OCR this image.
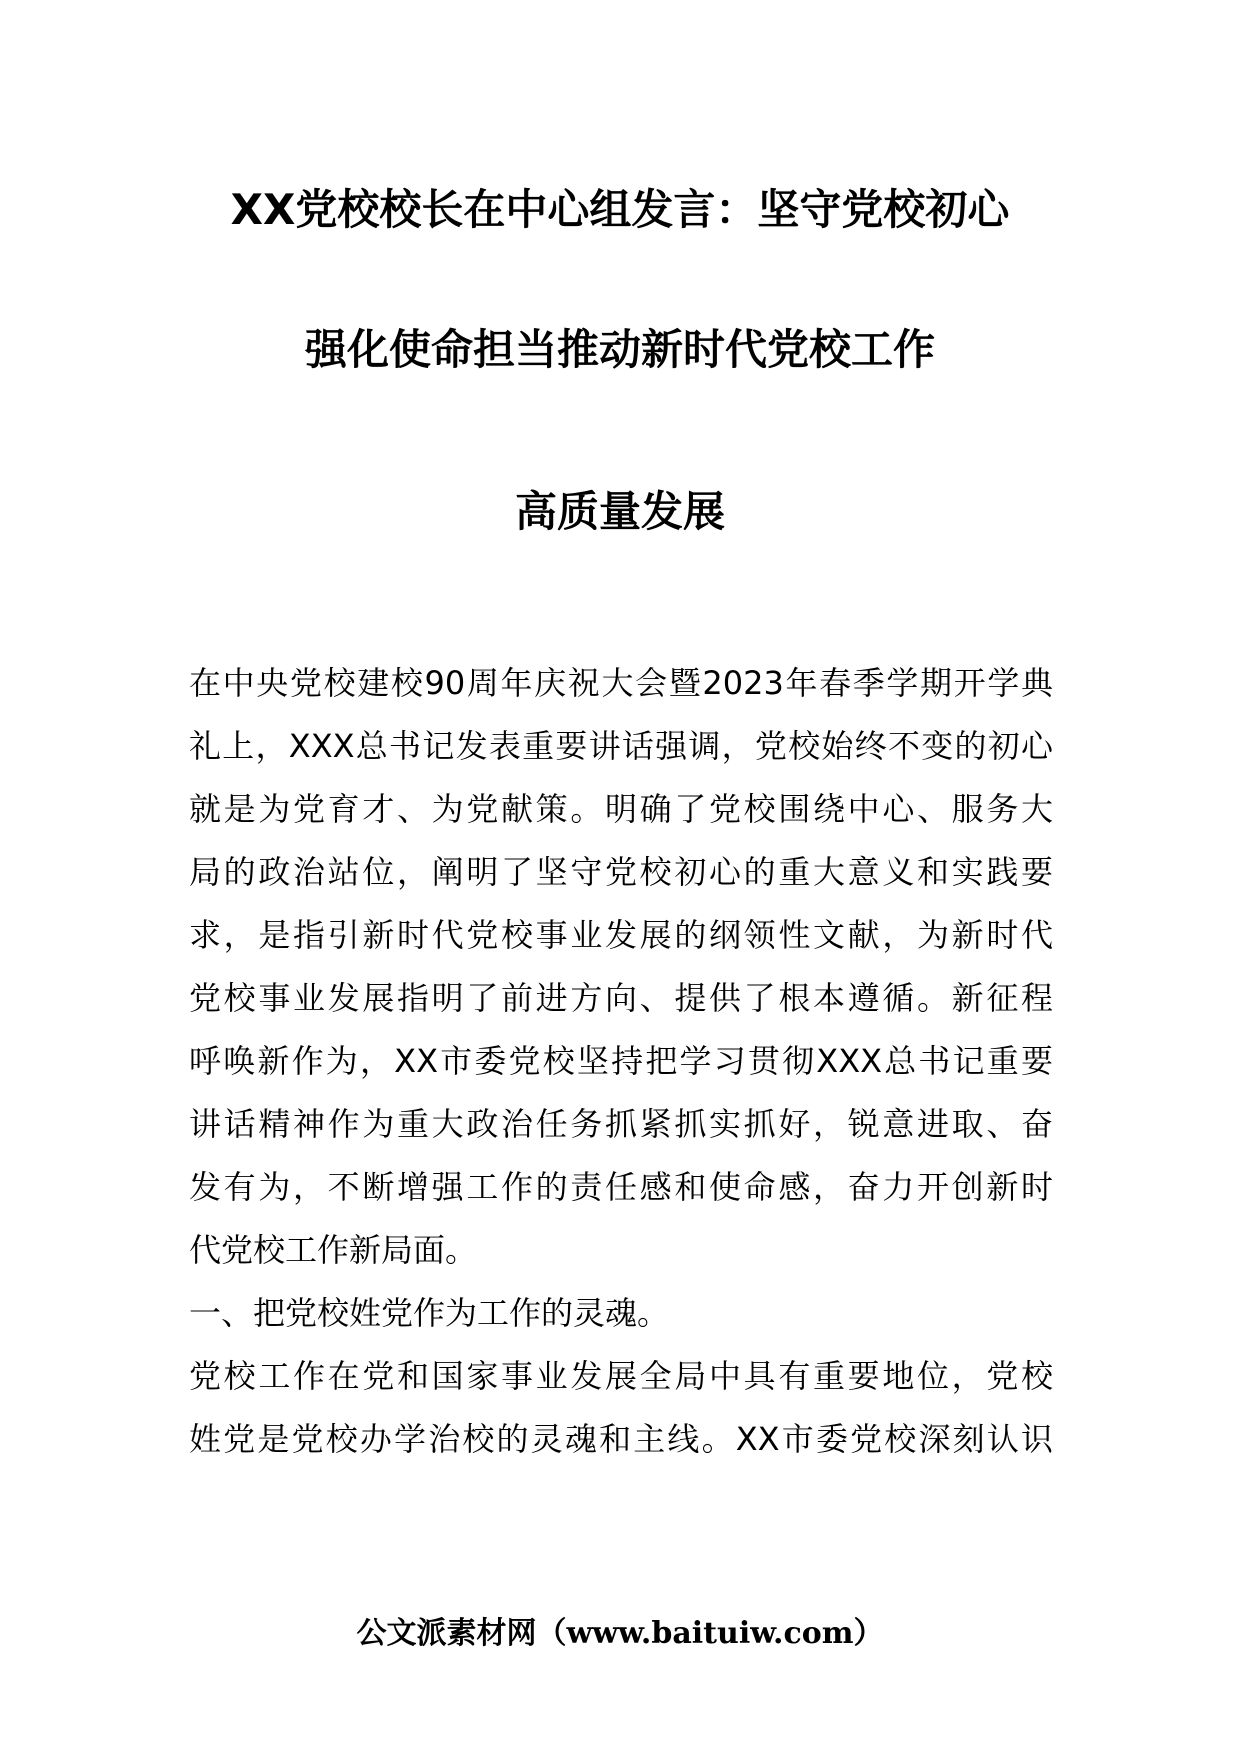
XX党校校长在中心组发言：坚守党校初心
强化使命担当推动新时代党校工作
高质量发展
在中央党校建校90周年庆祝大会暨2023年春季学期开学典
礼上，XXX总书记发表重要讲话强调，党校始终不变的初心
就是为党育才、为党献策。明确了党校围绕中心、服务大
局的政治站位，阐明了坚守党校初心的重大意义和实践要
求，是指引新时代党校事业发展的纲领性文献，为新时代
党校事业发展指明了前进方向、提供了根本遵循。新征程
呼唤新作为，XX市委党校坚持把学习贯彻XXX总书记重要
讲话精神作为重大政治任务抓紧抓实抓好，锐意进取、奋
发有为，不断增强工作的责任感和使命感，奋力开创新时
代党校工作新局面。
一、把党校姓党作为工作的灵魂。
党校工作在党和国家事业发展全局中具有重要地位，党校
姓党是党校办学治校的灵魂和主线。XX市委党校深刻认识
公文派素材网（www.baituiw.com）
